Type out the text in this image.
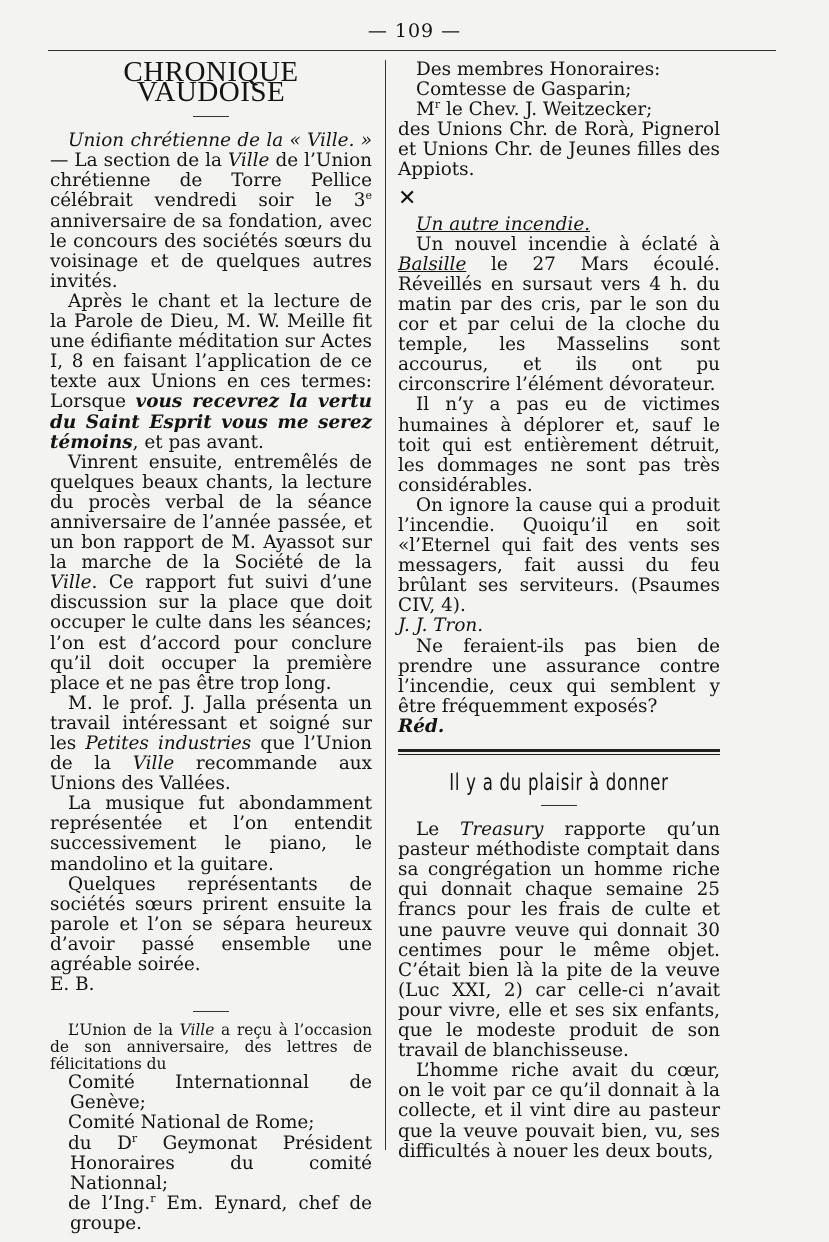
— 109 —
CHRONIQUE VAUDOISE

Union chrétienne de la « Ville. » — La section de la Ville de l’Union chrétienne de Torre Pellice célébrait vendredi soir le 3e anniversaire de sa fondation, avec le concours des sociétés sœurs du voisinage et de quelques autres invités.

Après le chant et la lecture de la Parole de Dieu, M. W. Meille fit une édifiante méditation sur Actes I, 8 en faisant l’application de ce texte aux Unions en ces termes: Lorsque vous recevrez la vertu du Saint Esprit vous me serez témoins, et pas avant.

Vinrent ensuite, entremêlés de quelques beaux chants, la lecture du procès verbal de la séance anniversaire de l’année passée, et un bon rapport de M. Ayassot sur la marche de la Société de la Ville. Ce rapport fut suivi d’une discussion sur la place que doit occuper le culte dans les séances; l’on est d’accord pour conclure qu’il doit occuper la première place et ne pas être trop long.

M. le prof. J. Jalla présenta un travail intéressant et soigné sur les Petites industries que l’Union de la Ville recommande aux Unions des Vallées.

La musique fut abondamment représentée et l’on entendit successivement le piano, le mandolino et la guitare.

Quelques représentants de sociétés sœurs prirent ensuite la parole et l’on se sépara heureux d’avoir passé ensemble une agréable soirée.

E. B.

L’Union de la Ville a reçu à l’occasion de son anniversaire, des lettres de félicitations du

Comité Internationnal de Genève;

Comité National de Rome;

du $D^r$ Geymonat Président Honoraires du comité Nationnal;

de l’Ing.$^r$ Em. Eynard, chef de groupe.

Des membres Honoraires:

Comtesse de Gasparin;

$M^r$ le Chev. J. Weitzecker;

des Unions Chr. de Rorà, Pignerol et Unions Chr. de Jeunes filles des Appiots.

✕

Un autre incendie.

Un nouvel incendie à éclaté à Balsille le 27 Mars écoulé. Réveillés en sursaut vers 4 h. du matin par des cris, par le son du cor et par celui de la cloche du temple, les Masselins sont accourus, et ils ont pu circonscrire l’élément dévorateur.

Il n’y a pas eu de victimes humaines à déplorer et, sauf le toit qui est entièrement détruit, les dommages ne sont pas très considérables.

On ignore la cause qui a produit l’incendie. Quoiqu’il en soit «l’Eternel qui fait des vents ses messagers, fait aussi du feu brûlant ses serviteurs. (Psaumes CIV, 4).

J. J. Tron.

Ne feraient-ils pas bien de prendre une assurance contre l’incendie, ceux qui semblent y être fréquemment exposés?

Réd.

Il y a du plaisir à donner

Le Treasury rapporte qu’un pasteur méthodiste comptait dans sa congrégation un homme riche qui donnait chaque semaine 25 francs pour les frais de culte et une pauvre veuve qui donnait 30 centimes pour le même objet. C’était bien là la pite de la veuve (Luc XXI, 2) car celle-ci n’avait pour vivre, elle et ses six enfants, que le modeste produit de son travail de blanchisseuse.

L’homme riche avait du cœur, on le voit par ce qu’il donnait à la collecte, et il vint dire au pasteur que la veuve pouvait bien, vu, ses difficultés à nouer les deux bouts,
